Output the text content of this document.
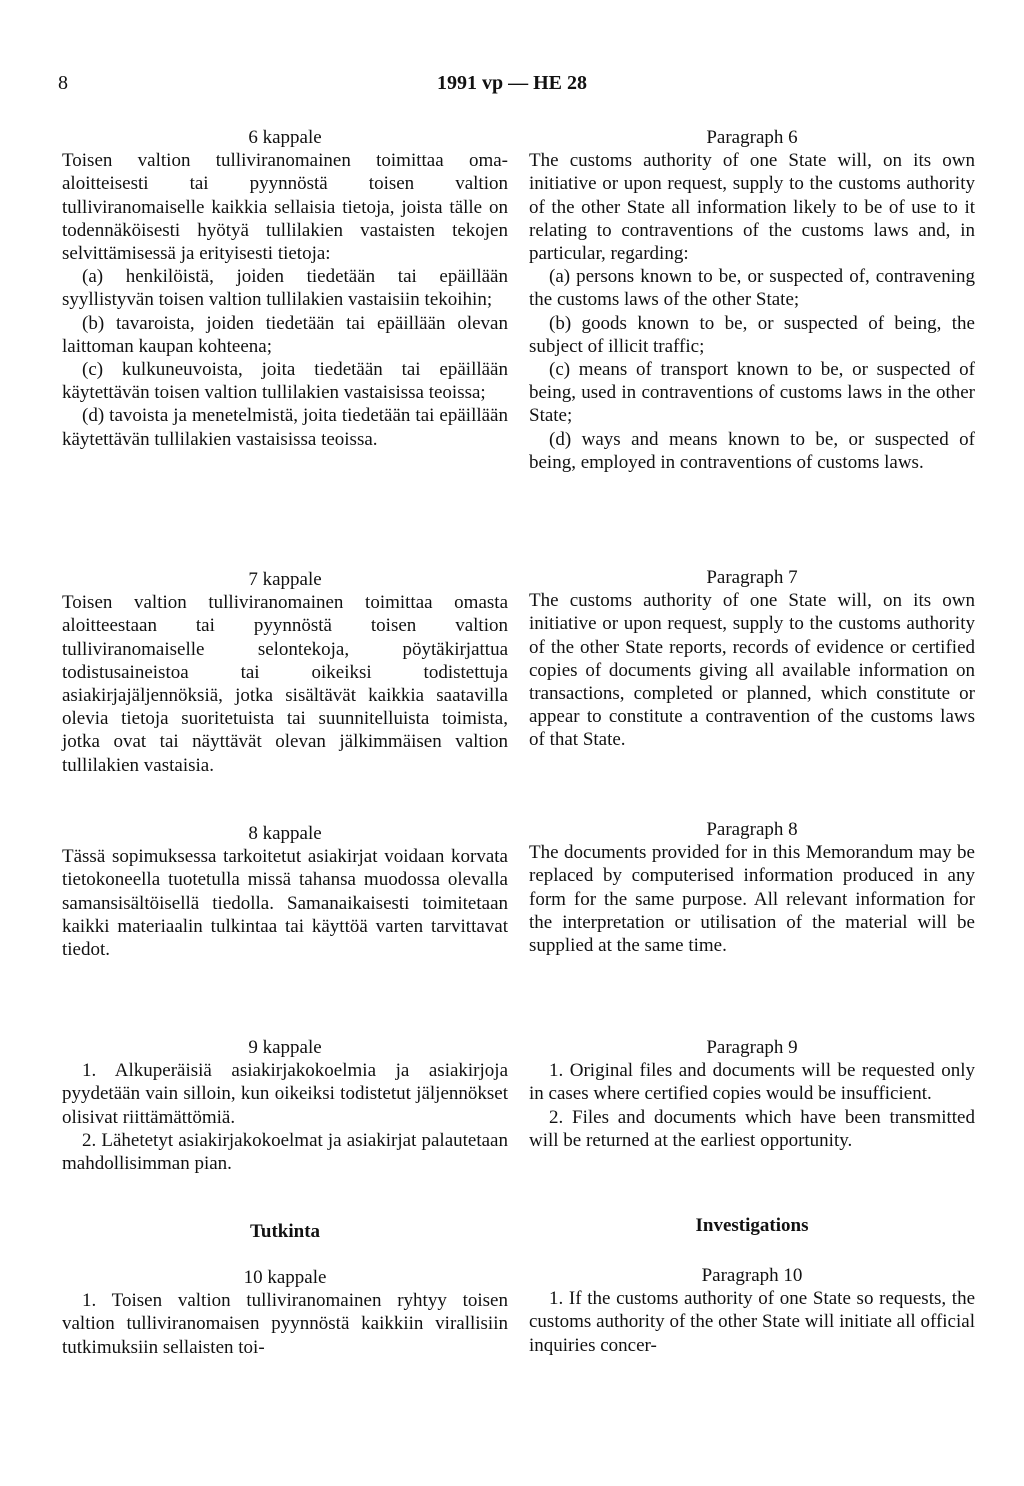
8	1991 vp — HE 28
6 kappale
Toisen valtion tulliviranomainen toimittaa oma-aloitteisesti tai pyynnöstä toisen valtion tulliviranomaiselle kaikkia sellaisia tietoja, joista tälle on todennäköisesti hyötyä tullilakien vastaisten tekojen selvittämisessä ja erityisesti tietoja:
(a) henkilöistä, joiden tiedetään tai epäillään syyllistyvän toisen valtion tullilakien vastaisiin tekoihin;
(b) tavaroista, joiden tiedetään tai epäillään olevan laittoman kaupan kohteena;
(c) kulkuneuvoista, joita tiedetään tai epäillään käytettävän toisen valtion tullilakien vastaisissa teoissa;
(d) tavoista ja menetelmistä, joita tiedetään tai epäillään käytettävän tullilakien vastaisissa teoissa.
7 kappale
Toisen valtion tulliviranomainen toimittaa omasta aloitteestaan tai pyynnöstä toisen valtion tulliviranomaiselle selontekoja, pöytäkirjattua todistusaineistoa tai oikeiksi todistettuja asiakirjajäljennöksiä, jotka sisältävät kaikkia saatavilla olevia tietoja suoritetuista tai suunnitelluista toimista, jotka ovat tai näyttävät olevan jälkimmäisen valtion tullilakien vastaisia.
8 kappale
Tässä sopimuksessa tarkoitetut asiakirjat voidaan korvata tietokoneella tuotetulla missä tahansa muodossa olevalla samansisältöisellä tiedolla. Samanaikaisesti toimitetaan kaikki materiaalin tulkintaa tai käyttöä varten tarvittavat tiedot.
9 kappale
1. Alkuperäisiä asiakirjakokoelmia ja asiakirjoja pyydetään vain silloin, kun oikeiksi todistetut jäljennökset olisivat riittämättömiä.
2. Lähetetyt asiakirjakokoelmat ja asiakirjat palautetaan mahdollisimman pian.
Tutkinta
10 kappale
1. Toisen valtion tulliviranomainen ryhtyy toisen valtion tulliviranomaisen pyynnöstä kaikkiin virallisiin tutkimuksiin sellaisten toi-
Paragraph 6
The customs authority of one State will, on its own initiative or upon request, supply to the customs authority of the other State all information likely to be of use to it relating to contraventions of the customs laws and, in particular, regarding:
(a) persons known to be, or suspected of, contravening the customs laws of the other State;
(b) goods known to be, or suspected of being, the subject of illicit traffic;
(c) means of transport known to be, or suspected of being, used in contraventions of customs laws in the other State;
(d) ways and means known to be, or suspected of being, employed in contraventions of customs laws.
Paragraph 7
The customs authority of one State will, on its own initiative or upon request, supply to the customs authority of the other State reports, records of evidence or certified copies of documents giving all available information on transactions, completed or planned, which constitute or appear to constitute a contravention of the customs laws of that State.
Paragraph 8
The documents provided for in this Memorandum may be replaced by computerised information produced in any form for the same purpose. All relevant information for the interpretation or utilisation of the material will be supplied at the same time.
Paragraph 9
1. Original files and documents will be requested only in cases where certified copies would be insufficient.
2. Files and documents which have been transmitted will be returned at the earliest opportunity.
Investigations
Paragraph 10
1. If the customs authority of one State so requests, the customs authority of the other State will initiate all official inquiries concer-
